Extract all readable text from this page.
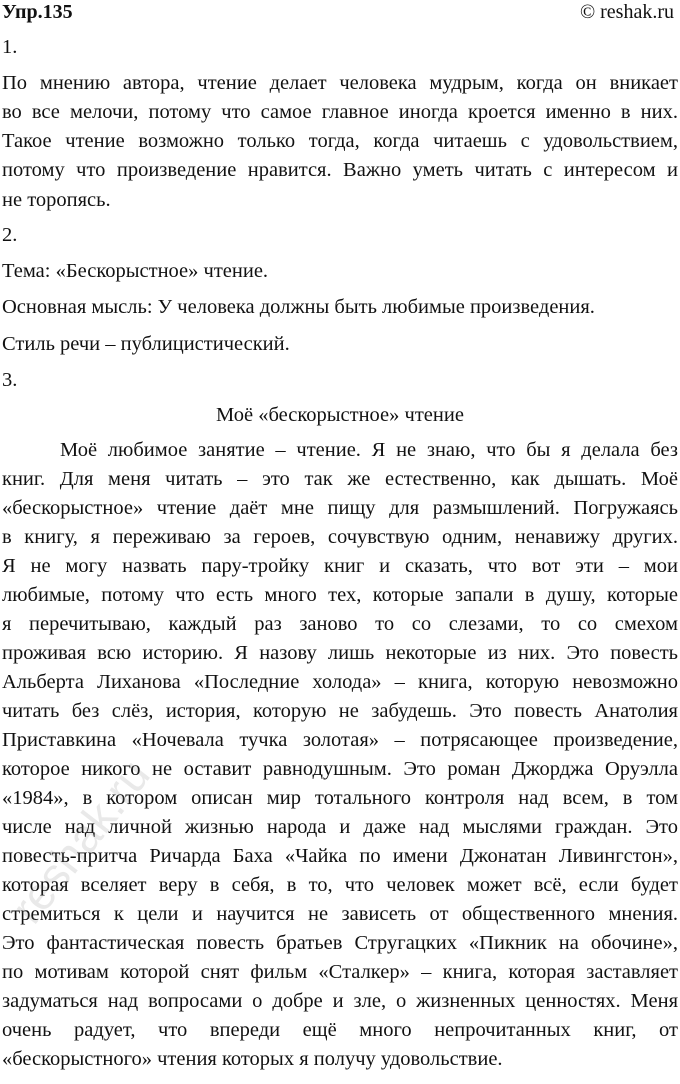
Упр.135	© reshak.ru
1.
По мнению автора, чтение делает человека мудрым, когда он вникает
во все мелочи, потому что самое главное иногда кроется именно в них.
Такое чтение возможно только тогда, когда читаешь с удовольствием,
потому что произведение нравится. Важно уметь читать с интересом и
не торопясь.
2.
Тема: «Бескорыстное» чтение.
Основная мысль: У человека должны быть любимые произведения.
Стиль речи – публицистический.
3.
Моё «бескорыстное» чтение
Моё любимое занятие – чтение. Я не знаю, что бы я делала без
книг. Для меня читать – это так же естественно, как дышать. Моё
«бескорыстное» чтение даёт мне пищу для размышлений. Погружаясь
в книгу, я переживаю за героев, сочувствую одним, ненавижу других.
Я не могу назвать пару-тройку книг и сказать, что вот эти – мои
любимые, потому что есть много тех, которые запали в душу, которые
я перечитываю, каждый раз заново то со слезами, то со смехом
проживая всю историю. Я назову лишь некоторые из них. Это повесть
Альберта Лиханова «Последние холода» – книга, которую невозможно
читать без слёз, история, которую не забудешь. Это повесть Анатолия
Приставкина «Ночевала тучка золотая» – потрясающее произведение,
которое никого не оставит равнодушным. Это роман Джорджа Оруэлла
«1984», в котором описан мир тотального контроля над всем, в том
числе над личной жизнью народа и даже над мыслями граждан. Это
повесть-притча Ричарда Баха «Чайка по имени Джонатан Ливингстон»,
которая вселяет веру в себя, в то, что человек может всё, если будет
стремиться к цели и научится не зависеть от общественного мнения.
Это фантастическая повесть братьев Стругацких «Пикник на обочине»,
по мотивам которой снят фильм «Сталкер» – книга, которая заставляет
задуматься над вопросами о добре и зле, о жизненных ценностях. Меня
очень радует, что впереди ещё много непрочитанных книг, от
«бескорыстного» чтения которых я получу удовольствие.
reshak.ru
